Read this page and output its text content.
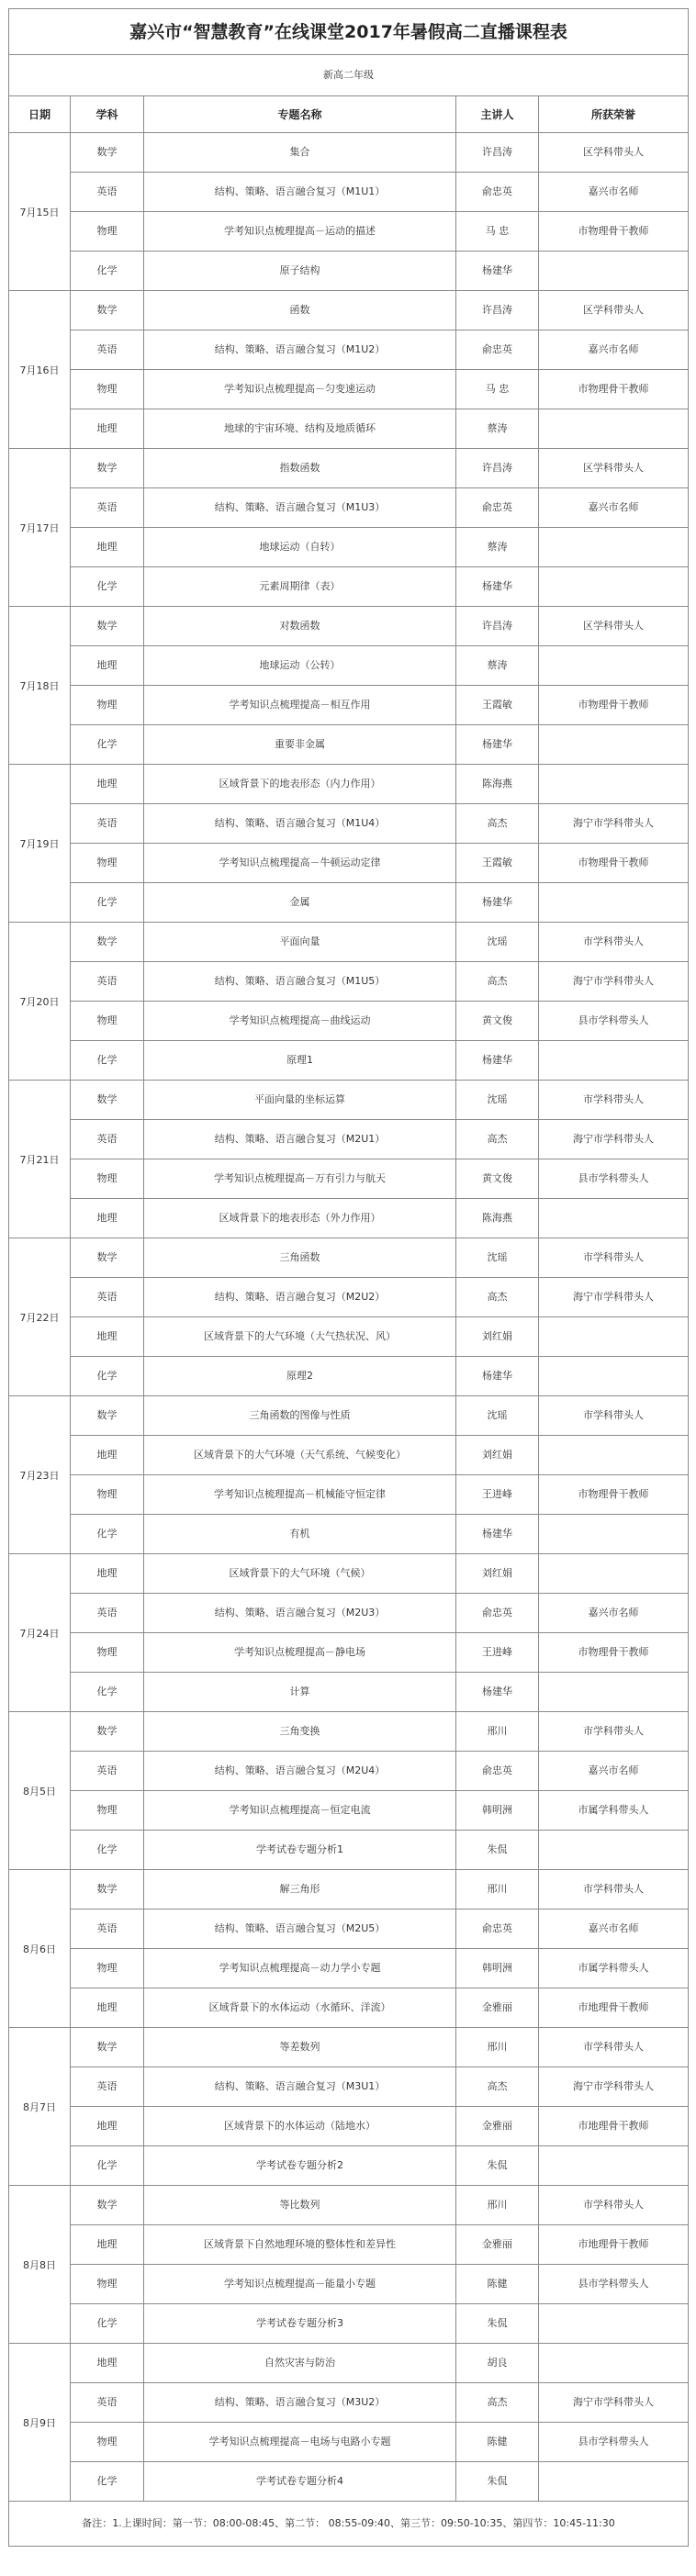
嘉兴市“智慧教育”在线课堂2017年暑假高二直播课程表
新高二年级
日期	学科	专题名称	主讲人	所获荣誉
7月15日
数学	集合	许昌涛	区学科带头人
英语	结构、策略、语言融合复习（M1U1）	俞忠英	嘉兴市名师
物理	学考知识点梳理提高－运动的描述	马 忠	市物理骨干教师
化学	原子结构	杨建华
7月16日
数学	函数	许昌涛	区学科带头人
英语	结构、策略、语言融合复习（M1U2）	俞忠英	嘉兴市名师
物理	学考知识点梳理提高－匀变速运动	马 忠	市物理骨干教师
地理	地球的宇宙环境、结构及地质循环	蔡涛
7月17日
数学	指数函数	许昌涛	区学科带头人
英语	结构、策略、语言融合复习（M1U3）	俞忠英	嘉兴市名师
地理	地球运动（自转）	蔡涛
化学	元素周期律（表）	杨建华
7月18日
数学	对数函数	许昌涛	区学科带头人
地理	地球运动（公转）	蔡涛
物理	学考知识点梳理提高－相互作用	王霞敏	市物理骨干教师
化学	重要非金属	杨建华
7月19日
地理	区域背景下的地表形态（内力作用）	陈海燕
英语	结构、策略、语言融合复习（M1U4）	高杰	海宁市学科带头人
物理	学考知识点梳理提高－牛顿运动定律	王霞敏	市物理骨干教师
化学	金属	杨建华
7月20日
数学	平面向量	沈瑶	市学科带头人
英语	结构、策略、语言融合复习（M1U5）	高杰	海宁市学科带头人
物理	学考知识点梳理提高－曲线运动	黄文俊	县市学科带头人
化学	原理1	杨建华
7月21日
数学	平面向量的坐标运算	沈瑶	市学科带头人
英语	结构、策略、语言融合复习（M2U1）	高杰	海宁市学科带头人
物理	学考知识点梳理提高－万有引力与航天	黄文俊	县市学科带头人
地理	区域背景下的地表形态（外力作用）	陈海燕
7月22日
数学	三角函数	沈瑶	市学科带头人
英语	结构、策略、语言融合复习（M2U2）	高杰	海宁市学科带头人
地理	区域背景下的大气环境（大气热状况、风）	刘红娟
化学	原理2	杨建华
7月23日
数学	三角函数的图像与性质	沈瑶	市学科带头人
地理	区域背景下的大气环境（天气系统、气候变化）	刘红娟
物理	学考知识点梳理提高－机械能守恒定律	王进峰	市物理骨干教师
化学	有机	杨建华
7月24日
地理	区域背景下的大气环境（气候）	刘红娟
英语	结构、策略、语言融合复习（M2U3）	俞忠英	嘉兴市名师
物理	学考知识点梳理提高－静电场	王进峰	市物理骨干教师
化学	计算	杨建华
8月5日
数学	三角变换	邢川	市学科带头人
英语	结构、策略、语言融合复习（M2U4）	俞忠英	嘉兴市名师
物理	学考知识点梳理提高－恒定电流	韩明洲	市属学科带头人
化学	学考试卷专题分析1	朱侃
8月6日
数学	解三角形	邢川	市学科带头人
英语	结构、策略、语言融合复习（M2U5）	俞忠英	嘉兴市名师
物理	学考知识点梳理提高－动力学小专题	韩明洲	市属学科带头人
地理	区域背景下的水体运动（水循环、洋流）	金雅丽	市地理骨干教师
8月7日
数学	等差数列	邢川	市学科带头人
英语	结构、策略、语言融合复习（M3U1）	高杰	海宁市学科带头人
地理	区域背景下的水体运动（陆地水）	金雅丽	市地理骨干教师
化学	学考试卷专题分析2	朱侃
8月8日
数学	等比数列	邢川	市学科带头人
地理	区域背景下自然地理环境的整体性和差异性	金雅丽	市地理骨干教师
物理	学考知识点梳理提高－能量小专题	陈健	县市学科带头人
化学	学考试卷专题分析3	朱侃
8月9日
地理	自然灾害与防治	胡良
英语	结构、策略、语言融合复习（M3U2）	高杰	海宁市学科带头人
物理	学考知识点梳理提高－电场与电路小专题	陈健	县市学科带头人
化学	学考试卷专题分析4	朱侃
备注：1.上课时间：第一节：08:00-08:45、第二节： 08:55-09:40、第三节：09:50-10:35、第四节：10:45-11:30
